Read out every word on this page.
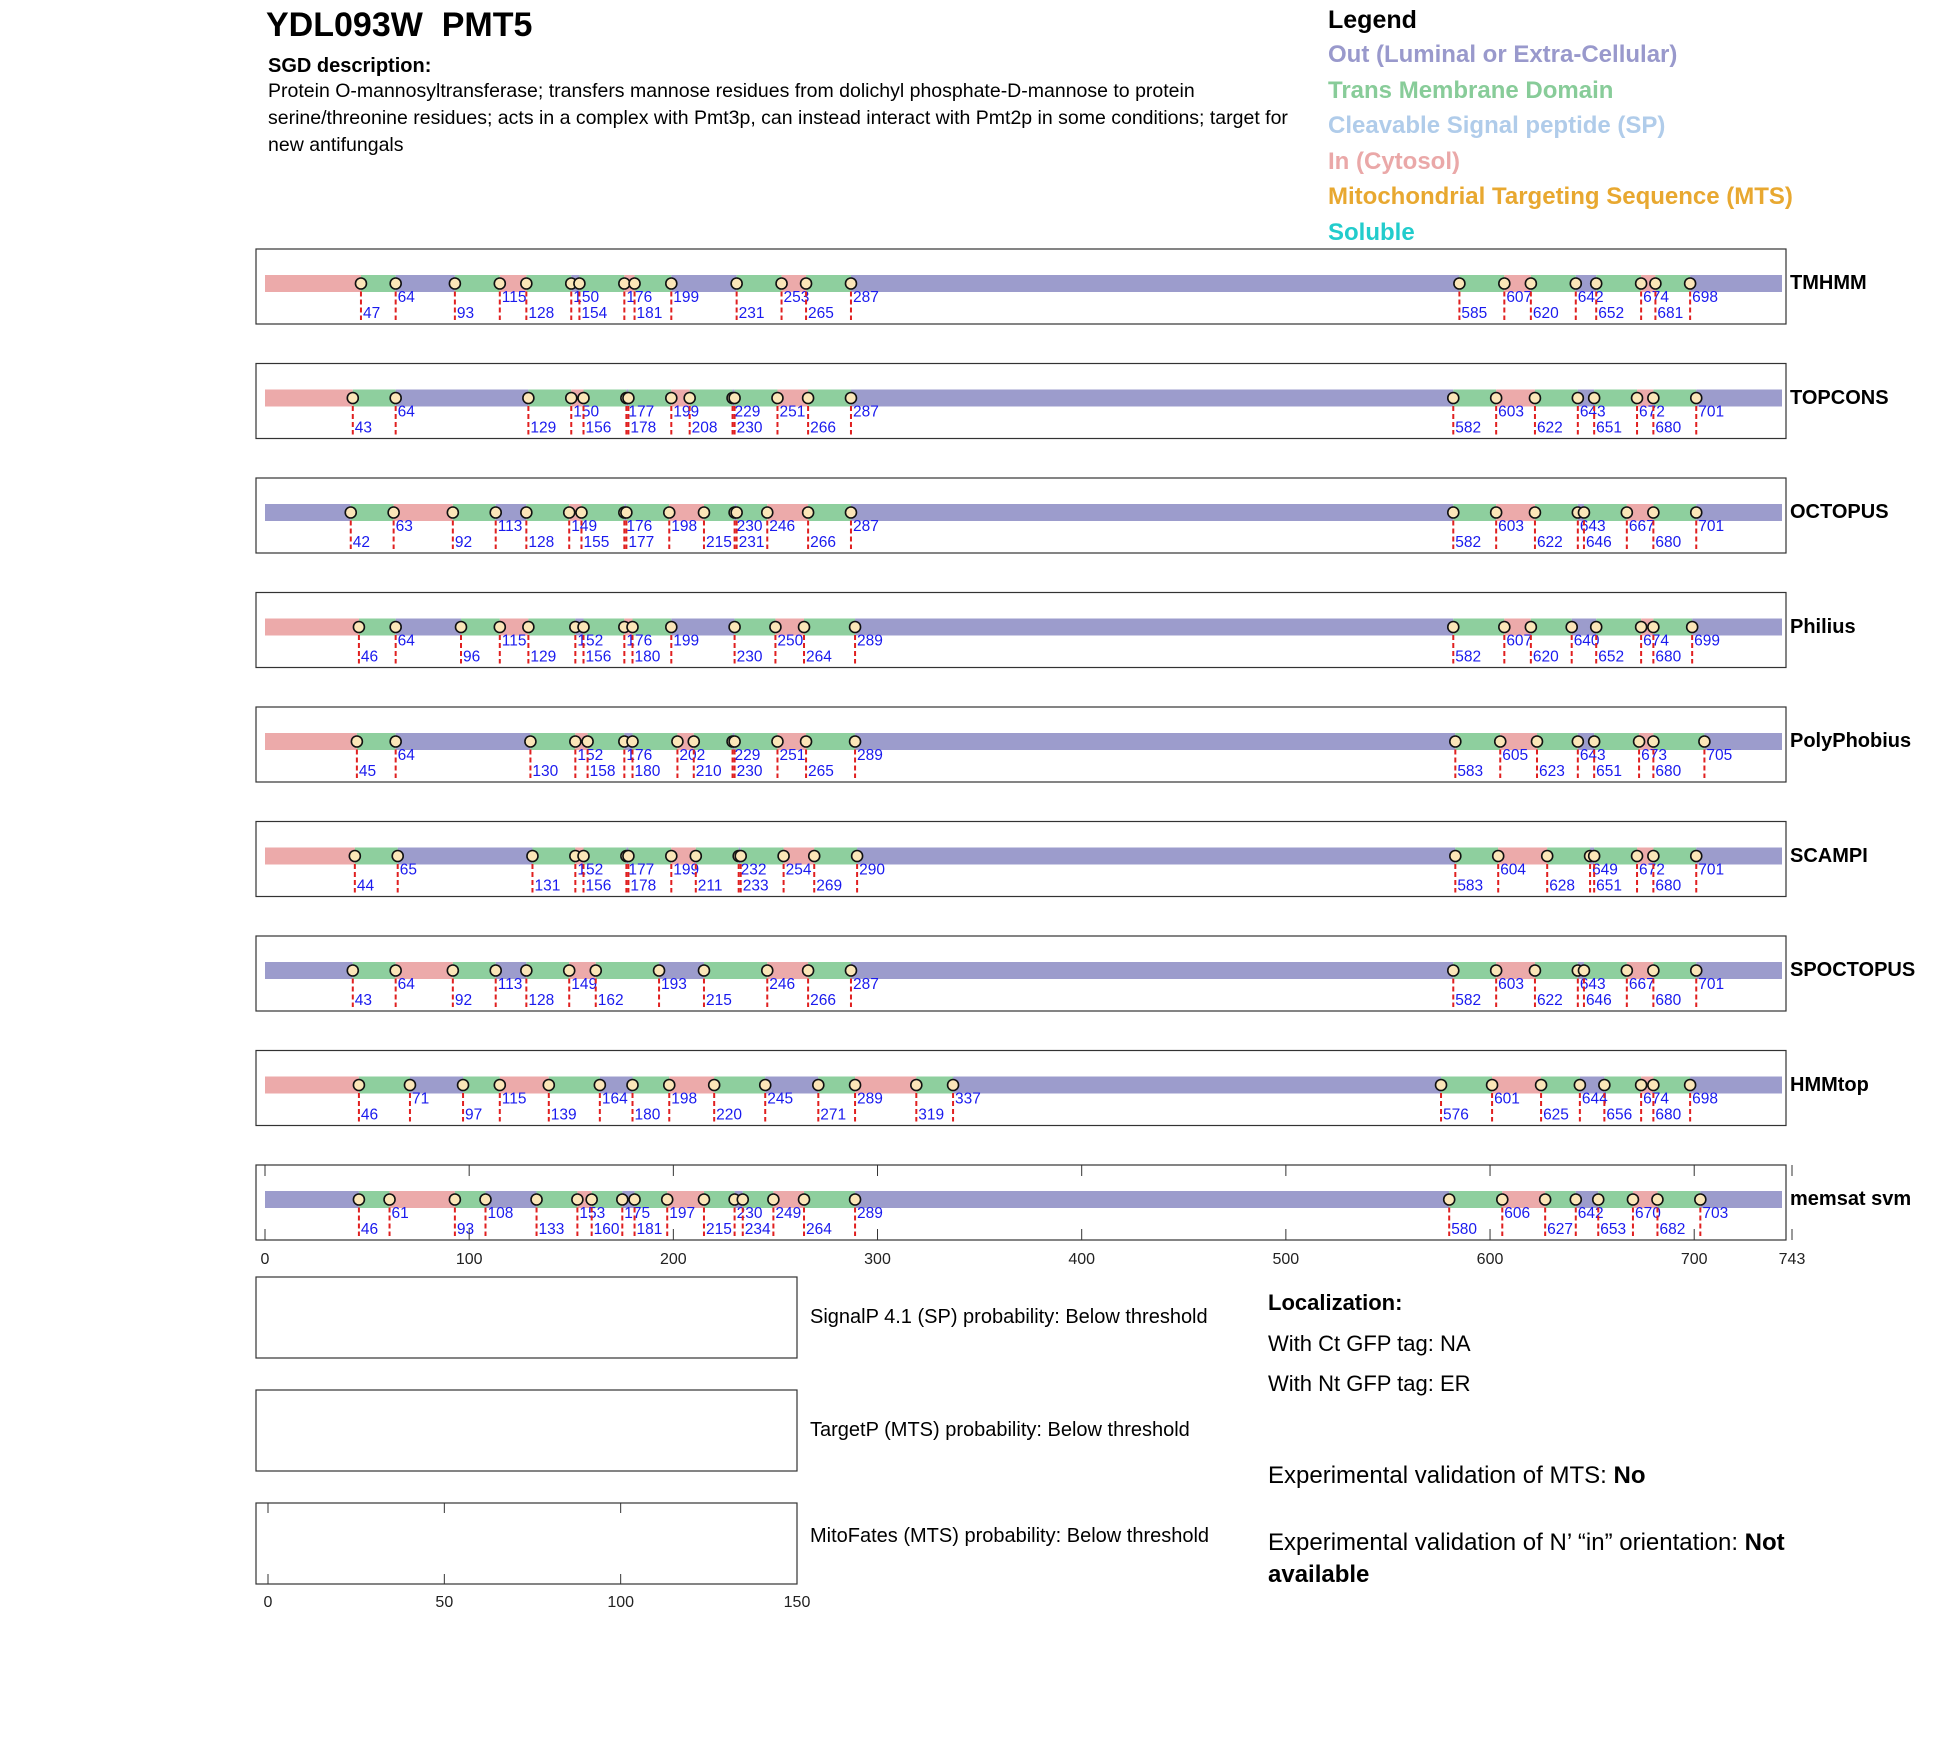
YDL093W PMT5
SGD description:
Protein O-mannosyltransferase; transfers mannose residues from dolichyl phosphate-D-mannose to protein serine/threonine residues; acts in a complex with Pmt3p, can instead interact with Pmt2p in some conditions; target for new antifungals
Legend
Out (Luminal or Extra-Cellular)
Trans Membrane Domain
Cleavable Signal peptide (SP)
In (Cytosol)
Mitochondrial Targeting Sequence (MTS)
Soluble
47
64
93
115
128
150
154
176
181
199
231
253
265
287
585
607
620
642
652
674
681
698
43
64
129
150
156
177
178
199
208
229
230
251
266
287
582
603
622
643
651
672
680
701
42
63
92
113
128
149
155
176
177
198
215
230
231
246
266
287
582
603
622
643
646
667
680
701
46
64
96
115
129
152
156
176
180
199
230
250
264
289
582
607
620
640
652
674
680
699
45
64
130
152
158
176
180
202
210
229
230
251
265
289
583
605
623
643
651
673
680
705
44
65
131
152
156
177
178
199
211
232
233
254
269
290
583
604
628
649
651
672
680
701
43
64
92
113
128
149
162
193
215
246
266
287
582
603
622
643
646
667
680
701
46
71
97
115
139
164
180
198
220
245
271
289
319
337
576
601
625
644
656
674
680
698
46
61
93
108
133
153
160
175
181
197
215
230
234
249
264
289
580
606
627
642
653
670
682
703
0	100	200	300	400	500	600	700	743
0	50	100	150
TMHMM
TOPCONS
OCTOPUS
Philius
PolyPhobius
SCAMPI
SPOCTOPUS
HMMtop
memsat svm
SignalP 4.1 (SP) probability: Below threshold
TargetP (MTS) probability: Below threshold
MitoFates (MTS) probability: Below threshold
Localization:
With Ct GFP tag: NA
With Nt GFP tag: ER
Experimental validation of MTS: No
Experimental validation of N’ “in” orientation: Not available
